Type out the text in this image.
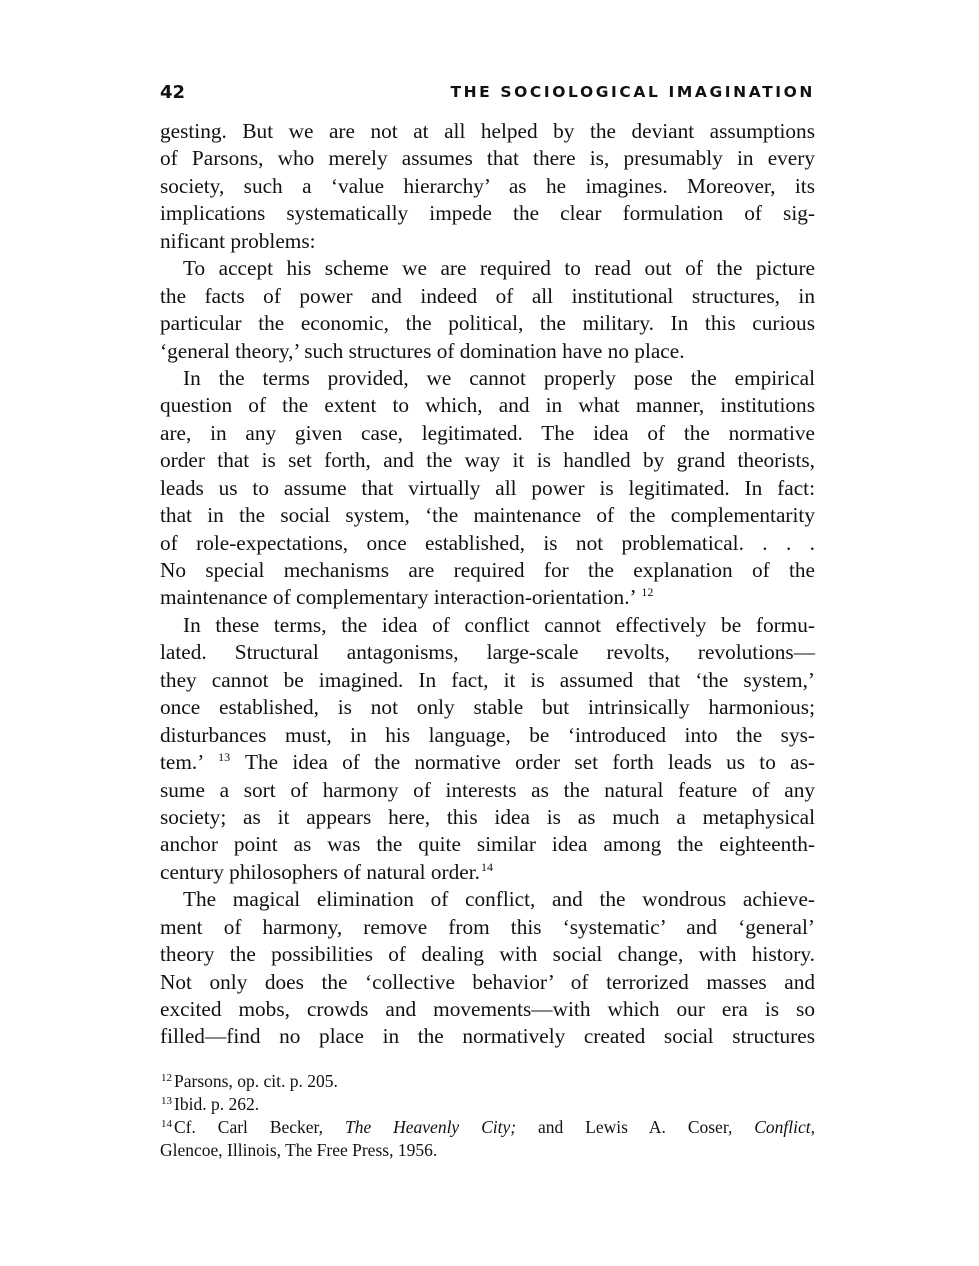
42	THE SOCIOLOGICAL IMAGINATION
gesting. But we are not at all helped by the deviant assumptions
of Parsons, who merely assumes that there is, presumably in every
society, such a ‘value hierarchy’ as he imagines. Moreover, its
implications systematically impede the clear formulation of sig-
nificant problems:
To accept his scheme we are required to read out of the picture
the facts of power and indeed of all institutional structures, in
particular the economic, the political, the military. In this curious
‘general theory,’ such structures of domination have no place.
In the terms provided, we cannot properly pose the empirical
question of the extent to which, and in what manner, institutions
are, in any given case, legitimated. The idea of the normative
order that is set forth, and the way it is handled by grand theorists,
leads us to assume that virtually all power is legitimated. In fact:
that in the social system, ‘the maintenance of the complementarity
of role-expectations, once established, is not problematical. . . .
No special mechanisms are required for the explanation of the
maintenance of complementary interaction-orientation.’ $^{12}$
In these terms, the idea of conflict cannot effectively be formu-
lated. Structural antagonisms, large-scale revolts, revolutions—
they cannot be imagined. In fact, it is assumed that ‘the system,’
once established, is not only stable but intrinsically harmonious;
disturbances must, in his language, be ‘introduced into the sys-
tem.’ $^{13}$ The idea of the normative order set forth leads us to as-
sume a sort of harmony of interests as the natural feature of any
society; as it appears here, this idea is as much a metaphysical
anchor point as was the quite similar idea among the eighteenth-
century philosophers of natural order.$^{14}$
The magical elimination of conflict, and the wondrous achieve-
ment of harmony, remove from this ‘systematic’ and ‘general’
theory the possibilities of dealing with social change, with history.
Not only does the ‘collective behavior’ of terrorized masses and
excited mobs, crowds and movements—with which our era is so
filled—find no place in the normatively created social structures
$^{12}$ Parsons, op. cit. p. 205.
$^{13}$ Ibid. p. 262.
$^{14}$ Cf. Carl Becker, The Heavenly City; and Lewis A. Coser, Conflict,
Glencoe, Illinois, The Free Press, 1956.
